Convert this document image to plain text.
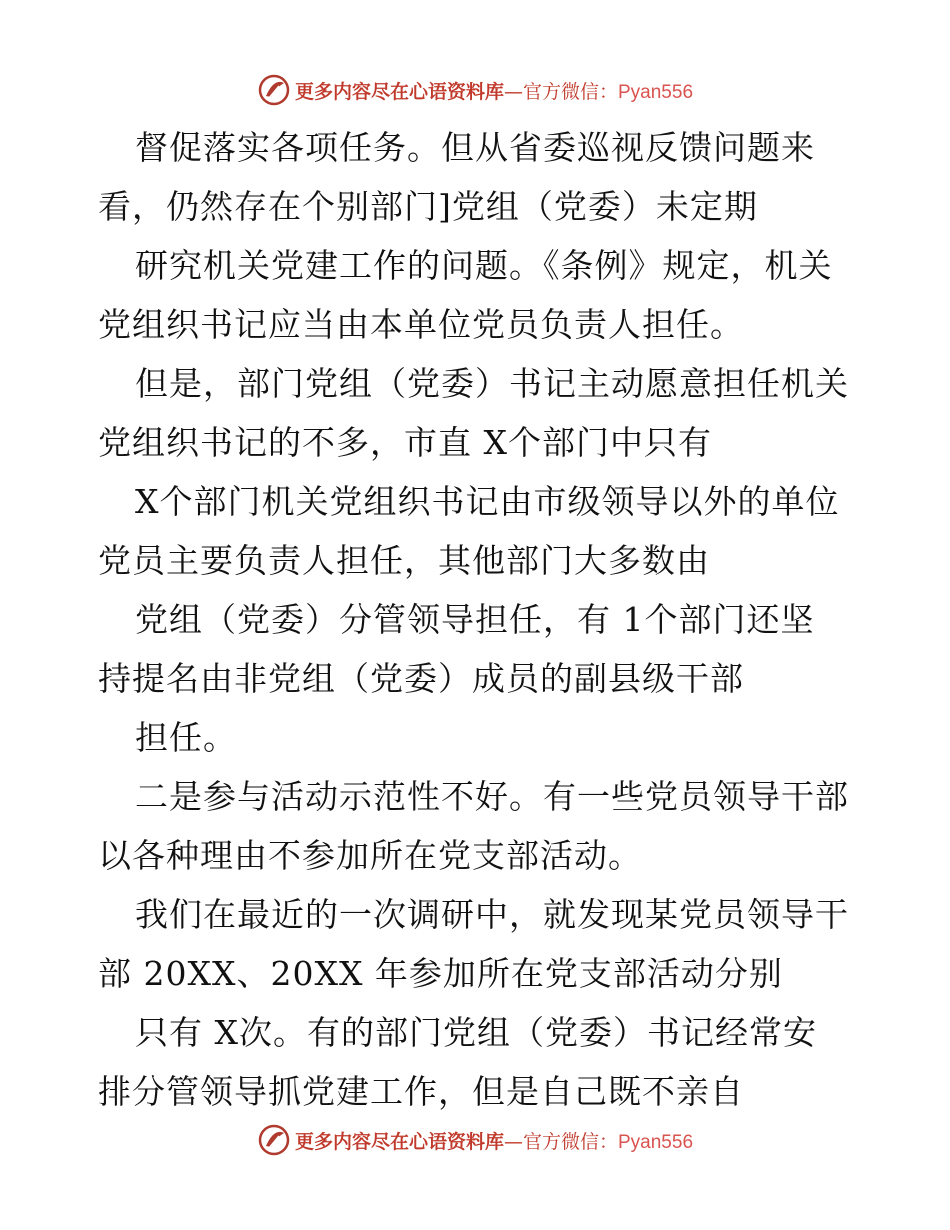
更多内容尽在心语资料库—官方微信：Pyan556
督促落实各项任务。但从省委巡视反馈问题来
看，仍然存在个别部门]党组（党委）未定期
研究机关党建工作的问题。《条例》规定，机关
党组织书记应当由本单位党员负责人担任。
但是，部门党组（党委）书记主动愿意担任机关
党组织书记的不多，市直 X个部门中只有
X个部门机关党组织书记由市级领导以外的单位
党员主要负责人担任，其他部门大多数由
党组（党委）分管领导担任，有 1个部门还坚
持提名由非党组（党委）成员的副县级干部
担任。
二是参与活动示范性不好。有一些党员领导干部
以各种理由不参加所在党支部活动。
我们在最近的一次调研中，就发现某党员领导干
部 20XX、20XX 年参加所在党支部活动分别
只有 X次。有的部门党组（党委）书记经常安
排分管领导抓党建工作，但是自己既不亲自
更多内容尽在心语资料库—官方微信：Pyan556
